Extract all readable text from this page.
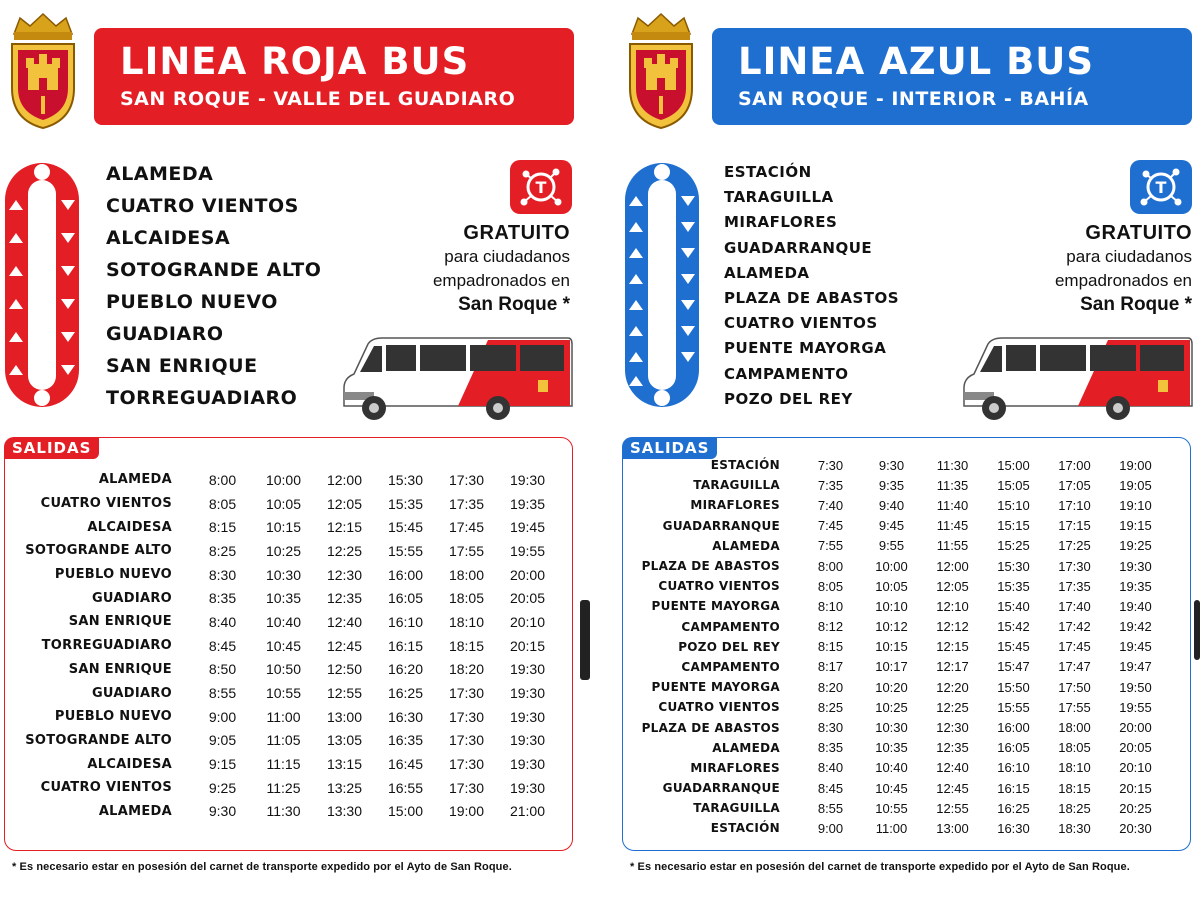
LINEA ROJA BUS
SAN ROQUE - VALLE DEL GUADIARO
ALAMEDA
CUATRO VIENTOS
ALCAIDESA
SOTOGRANDE ALTO
PUEBLO NUEVO
GUADIARO
SAN ENRIQUE
TORREGUADIARO
T
GRATUITO
para ciudadanos
empadronados en
San Roque *
SALIDAS
ALAMEDA	8:00	10:00	12:00	15:30	17:30	19:30
CUATRO VIENTOS	8:05	10:05	12:05	15:35	17:35	19:35
ALCAIDESA	8:15	10:15	12:15	15:45	17:45	19:45
SOTOGRANDE ALTO	8:25	10:25	12:25	15:55	17:55	19:55
PUEBLO NUEVO	8:30	10:30	12:30	16:00	18:00	20:00
GUADIARO	8:35	10:35	12:35	16:05	18:05	20:05
SAN ENRIQUE	8:40	10:40	12:40	16:10	18:10	20:10
TORREGUADIARO	8:45	10:45	12:45	16:15	18:15	20:15
SAN ENRIQUE	8:50	10:50	12:50	16:20	18:20	19:30
GUADIARO	8:55	10:55	12:55	16:25	17:30	19:30
PUEBLO NUEVO	9:00	11:00	13:00	16:30	17:30	19:30
SOTOGRANDE ALTO	9:05	11:05	13:05	16:35	17:30	19:30
ALCAIDESA	9:15	11:15	13:15	16:45	17:30	19:30
CUATRO VIENTOS	9:25	11:25	13:25	16:55	17:30	19:30
ALAMEDA	9:30	11:30	13:30	15:00	19:00	21:00
* Es necesario estar en posesión del carnet de transporte expedido por el Ayto de San Roque.
LINEA AZUL BUS
SAN ROQUE - INTERIOR - BAHÍA
ESTACIÓN
TARAGUILLA
MIRAFLORES
GUADARRANQUE
ALAMEDA
PLAZA DE ABASTOS
CUATRO VIENTOS
PUENTE MAYORGA
CAMPAMENTO
POZO DEL REY
T
GRATUITO
para ciudadanos
empadronados en
San Roque *
SALIDAS
ESTACIÓN	7:30	9:30	11:30	15:00	17:00	19:00
TARAGUILLA	7:35	9:35	11:35	15:05	17:05	19:05
MIRAFLORES	7:40	9:40	11:40	15:10	17:10	19:10
GUADARRANQUE	7:45	9:45	11:45	15:15	17:15	19:15
ALAMEDA	7:55	9:55	11:55	15:25	17:25	19:25
PLAZA DE ABASTOS	8:00	10:00	12:00	15:30	17:30	19:30
CUATRO VIENTOS	8:05	10:05	12:05	15:35	17:35	19:35
PUENTE MAYORGA	8:10	10:10	12:10	15:40	17:40	19:40
CAMPAMENTO	8:12	10:12	12:12	15:42	17:42	19:42
POZO DEL REY	8:15	10:15	12:15	15:45	17:45	19:45
CAMPAMENTO	8:17	10:17	12:17	15:47	17:47	19:47
PUENTE MAYORGA	8:20	10:20	12:20	15:50	17:50	19:50
CUATRO VIENTOS	8:25	10:25	12:25	15:55	17:55	19:55
PLAZA DE ABASTOS	8:30	10:30	12:30	16:00	18:00	20:00
ALAMEDA	8:35	10:35	12:35	16:05	18:05	20:05
MIRAFLORES	8:40	10:40	12:40	16:10	18:10	20:10
GUADARRANQUE	8:45	10:45	12:45	16:15	18:15	20:15
TARAGUILLA	8:55	10:55	12:55	16:25	18:25	20:25
ESTACIÓN	9:00	11:00	13:00	16:30	18:30	20:30
* Es necesario estar en posesión del carnet de transporte expedido por el Ayto de San Roque.
